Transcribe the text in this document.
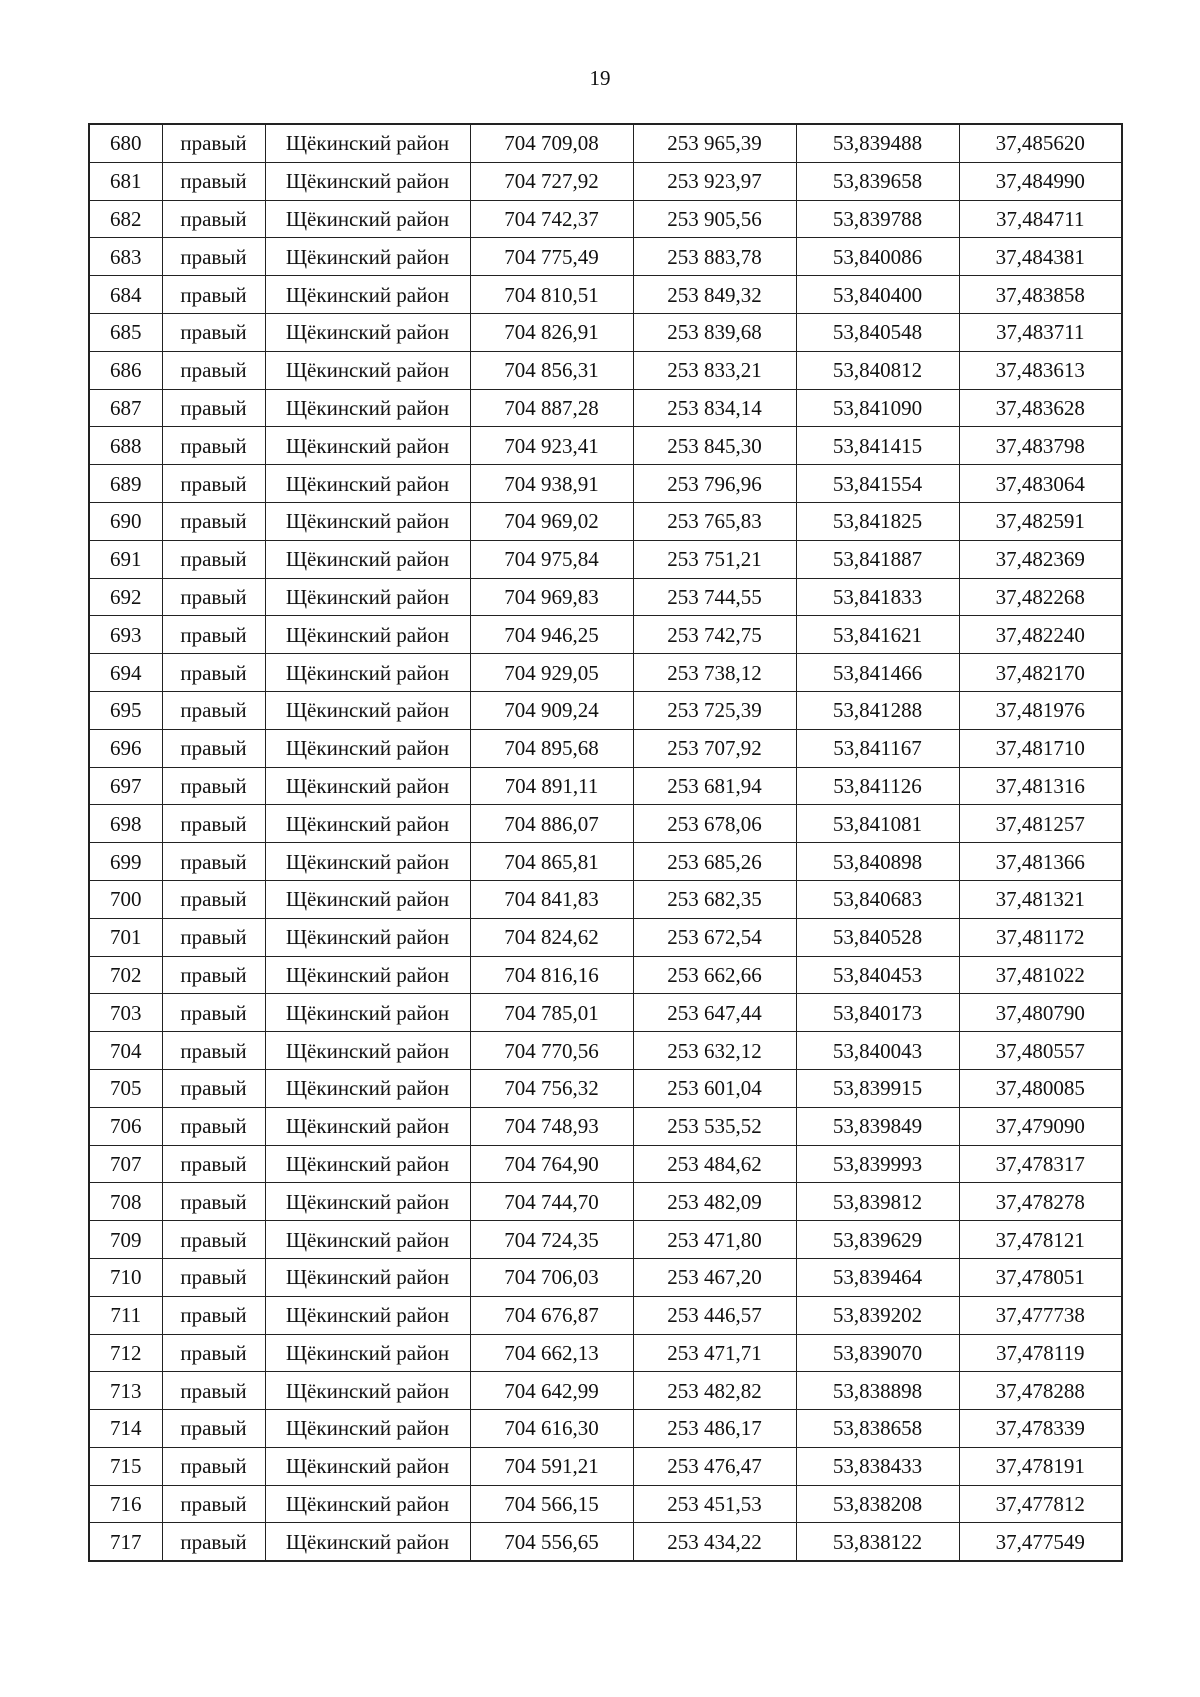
19
680	правый	Щёкинский район	704 709,08	253 965,39	53,839488	37,485620
681	правый	Щёкинский район	704 727,92	253 923,97	53,839658	37,484990
682	правый	Щёкинский район	704 742,37	253 905,56	53,839788	37,484711
683	правый	Щёкинский район	704 775,49	253 883,78	53,840086	37,484381
684	правый	Щёкинский район	704 810,51	253 849,32	53,840400	37,483858
685	правый	Щёкинский район	704 826,91	253 839,68	53,840548	37,483711
686	правый	Щёкинский район	704 856,31	253 833,21	53,840812	37,483613
687	правый	Щёкинский район	704 887,28	253 834,14	53,841090	37,483628
688	правый	Щёкинский район	704 923,41	253 845,30	53,841415	37,483798
689	правый	Щёкинский район	704 938,91	253 796,96	53,841554	37,483064
690	правый	Щёкинский район	704 969,02	253 765,83	53,841825	37,482591
691	правый	Щёкинский район	704 975,84	253 751,21	53,841887	37,482369
692	правый	Щёкинский район	704 969,83	253 744,55	53,841833	37,482268
693	правый	Щёкинский район	704 946,25	253 742,75	53,841621	37,482240
694	правый	Щёкинский район	704 929,05	253 738,12	53,841466	37,482170
695	правый	Щёкинский район	704 909,24	253 725,39	53,841288	37,481976
696	правый	Щёкинский район	704 895,68	253 707,92	53,841167	37,481710
697	правый	Щёкинский район	704 891,11	253 681,94	53,841126	37,481316
698	правый	Щёкинский район	704 886,07	253 678,06	53,841081	37,481257
699	правый	Щёкинский район	704 865,81	253 685,26	53,840898	37,481366
700	правый	Щёкинский район	704 841,83	253 682,35	53,840683	37,481321
701	правый	Щёкинский район	704 824,62	253 672,54	53,840528	37,481172
702	правый	Щёкинский район	704 816,16	253 662,66	53,840453	37,481022
703	правый	Щёкинский район	704 785,01	253 647,44	53,840173	37,480790
704	правый	Щёкинский район	704 770,56	253 632,12	53,840043	37,480557
705	правый	Щёкинский район	704 756,32	253 601,04	53,839915	37,480085
706	правый	Щёкинский район	704 748,93	253 535,52	53,839849	37,479090
707	правый	Щёкинский район	704 764,90	253 484,62	53,839993	37,478317
708	правый	Щёкинский район	704 744,70	253 482,09	53,839812	37,478278
709	правый	Щёкинский район	704 724,35	253 471,80	53,839629	37,478121
710	правый	Щёкинский район	704 706,03	253 467,20	53,839464	37,478051
711	правый	Щёкинский район	704 676,87	253 446,57	53,839202	37,477738
712	правый	Щёкинский район	704 662,13	253 471,71	53,839070	37,478119
713	правый	Щёкинский район	704 642,99	253 482,82	53,838898	37,478288
714	правый	Щёкинский район	704 616,30	253 486,17	53,838658	37,478339
715	правый	Щёкинский район	704 591,21	253 476,47	53,838433	37,478191
716	правый	Щёкинский район	704 566,15	253 451,53	53,838208	37,477812
717	правый	Щёкинский район	704 556,65	253 434,22	53,838122	37,477549
